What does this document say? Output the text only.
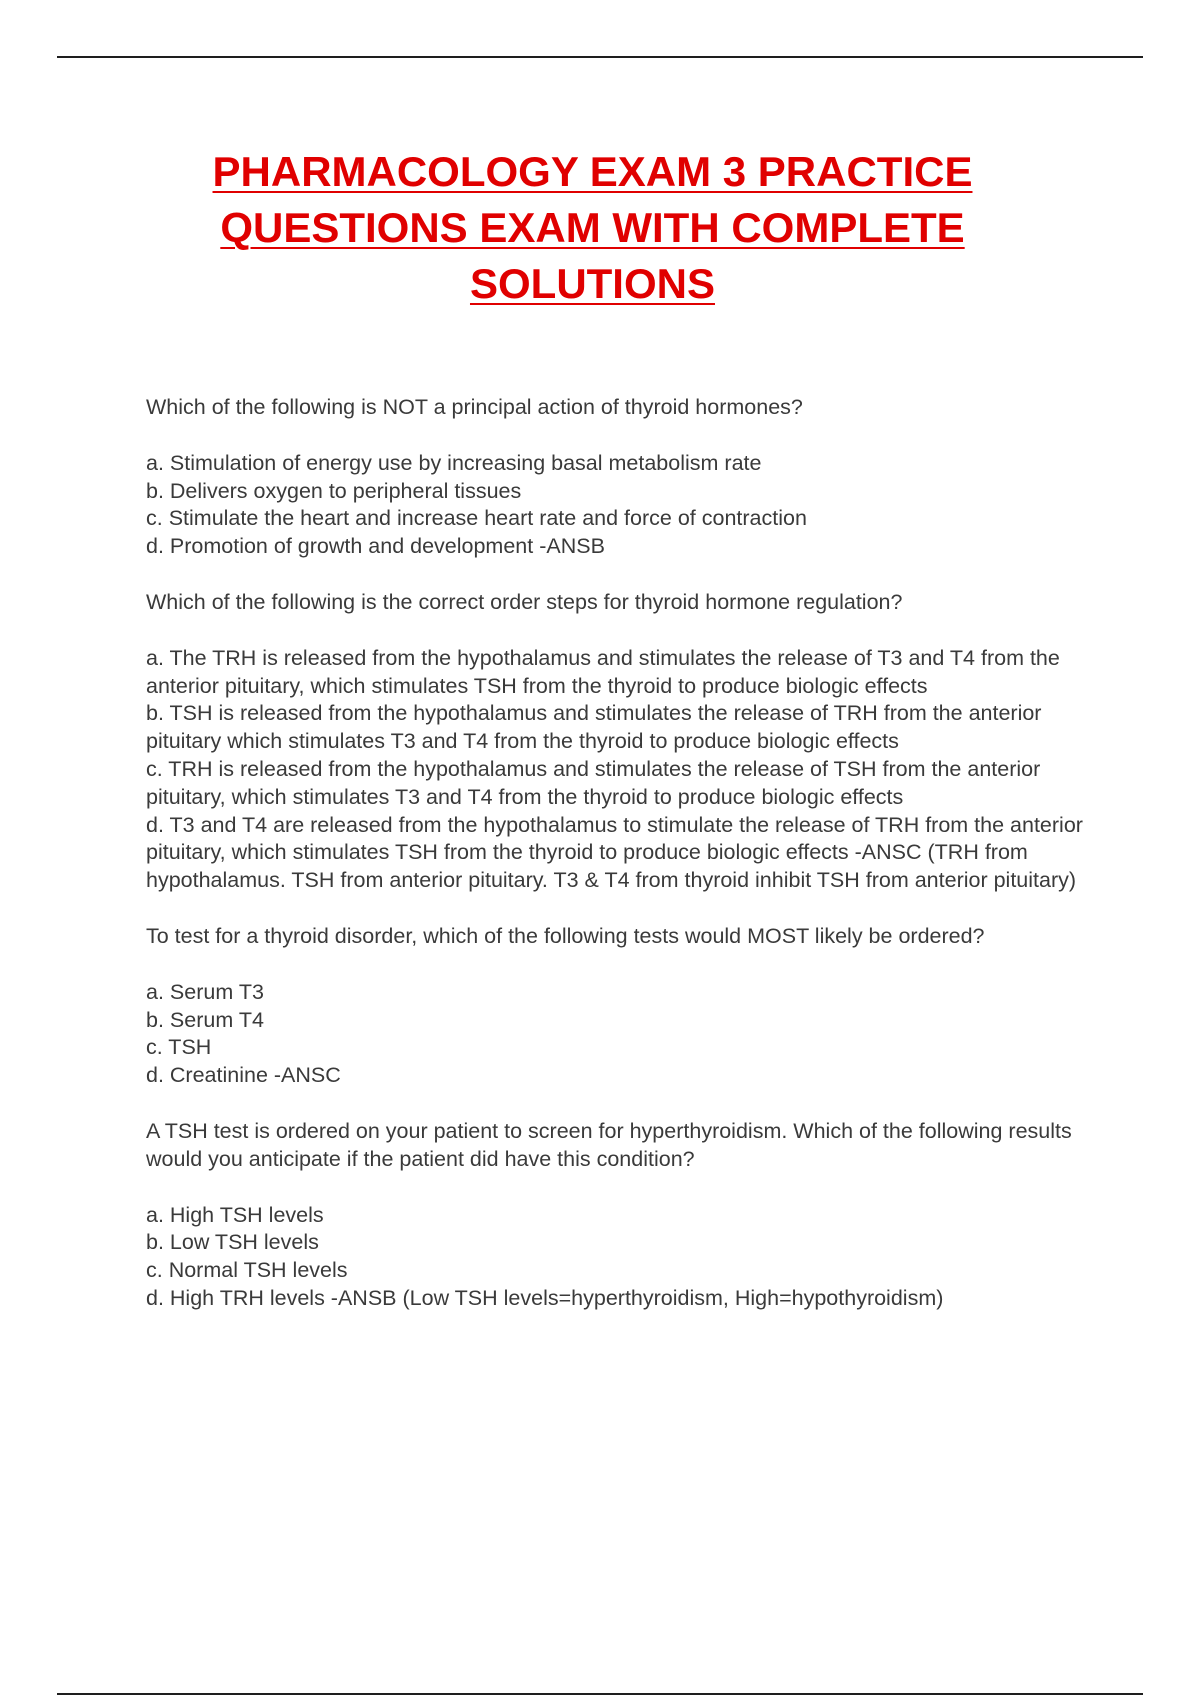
PHARMACOLOGY EXAM 3 PRACTICE QUESTIONS EXAM WITH COMPLETE SOLUTIONS

Which of the following is NOT a principal action of thyroid hormones?

a. Stimulation of energy use by increasing basal metabolism rate
b. Delivers oxygen to peripheral tissues
c. Stimulate the heart and increase heart rate and force of contraction
d. Promotion of growth and development -ANSB

Which of the following is the correct order steps for thyroid hormone regulation?

a. The TRH is released from the hypothalamus and stimulates the release of T3 and T4 from the anterior pituitary, which stimulates TSH from the thyroid to produce biologic effects
b. TSH is released from the hypothalamus and stimulates the release of TRH from the anterior pituitary which stimulates T3 and T4 from the thyroid to produce biologic effects
c. TRH is released from the hypothalamus and stimulates the release of TSH from the anterior pituitary, which stimulates T3 and T4 from the thyroid to produce biologic effects
d. T3 and T4 are released from the hypothalamus to stimulate the release of TRH from the anterior pituitary, which stimulates TSH from the thyroid to produce biologic effects -ANSC (TRH from hypothalamus. TSH from anterior pituitary. T3 & T4 from thyroid inhibit TSH from anterior pituitary)

To test for a thyroid disorder, which of the following tests would MOST likely be ordered?

a. Serum T3
b. Serum T4
c. TSH
d. Creatinine -ANSC

A TSH test is ordered on your patient to screen for hyperthyroidism. Which of the following results would you anticipate if the patient did have this condition?

a. High TSH levels
b. Low TSH levels
c. Normal TSH levels
d. High TRH levels -ANSB (Low TSH levels=hyperthyroidism, High=hypothyroidism)
